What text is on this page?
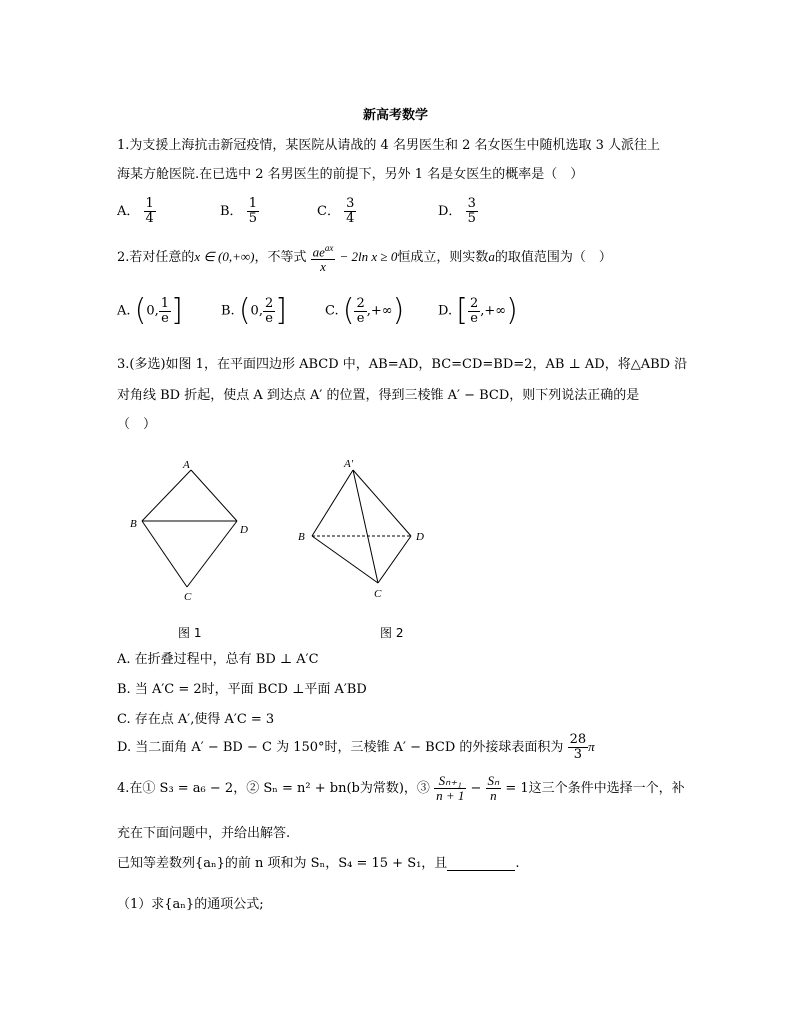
新高考数学
1.为支援上海抗击新冠疫情，某医院从请战的 4 名男医生和 2 名女医生中随机选取 3 人派往上
海某方舱医院.在已选中 2 名男医生的前提下，另外 1 名是女医生的概率是（　）
A． $\frac{1}{4}$	B． $\frac{1}{5}$	C． $\frac{3}{4}$	D． $\frac{3}{5}$
2.若对任意的x ∈ (0,+∞)，不等式 $\frac{ae^{ax}}{x} - 2\ln$ x ≥ 0恒成立，则实数a的取值范围为（　）
A. (0, $\frac{1}{e}$ ]	B. (0, $\frac{2}{e}$ ]	C. ( $\frac{2}{e}$ ,+∞)	D. [ $\frac{2}{e}$ ,+∞)
3.(多选)如图 1，在平面四边形 ABCD 中，AB=AD，BC=CD=BD=2，AB ⊥ AD，将△ABD 沿
对角线 BD 折起，使点 A 到达点 A′ 的位置，得到三棱锥 A′ − BCD，则下列说法正确的是
（　）
A
B	D
C
A'
B	D
C
图 1	图 2
A. 在折叠过程中，总有 BD ⊥ A′C
B. 当 A′C = 2时，平面 BCD ⊥平面 A′BD
C. 存在点 A′,使得 A′C = 3
D. 当二面角 A′ − BD − C 为 150°时，三棱锥 A′ − BCD 的外接球表面积为 $\frac{28}{3}$ π
4.在① S₃ = a₆ − 2，② Sₙ = n² + bn(b为常数)，③ $\frac{\text{Sₙ₊₁}}{n + 1} - \frac{\text{Sₙ}}{n} = 1$这三个条件中选择一个，补
充在下面问题中，并给出解答.
已知等差数列{aₙ}的前 n 项和为 Sₙ，S₄ = 15 + S₁，且	.
（1）求{aₙ}的通项公式;
